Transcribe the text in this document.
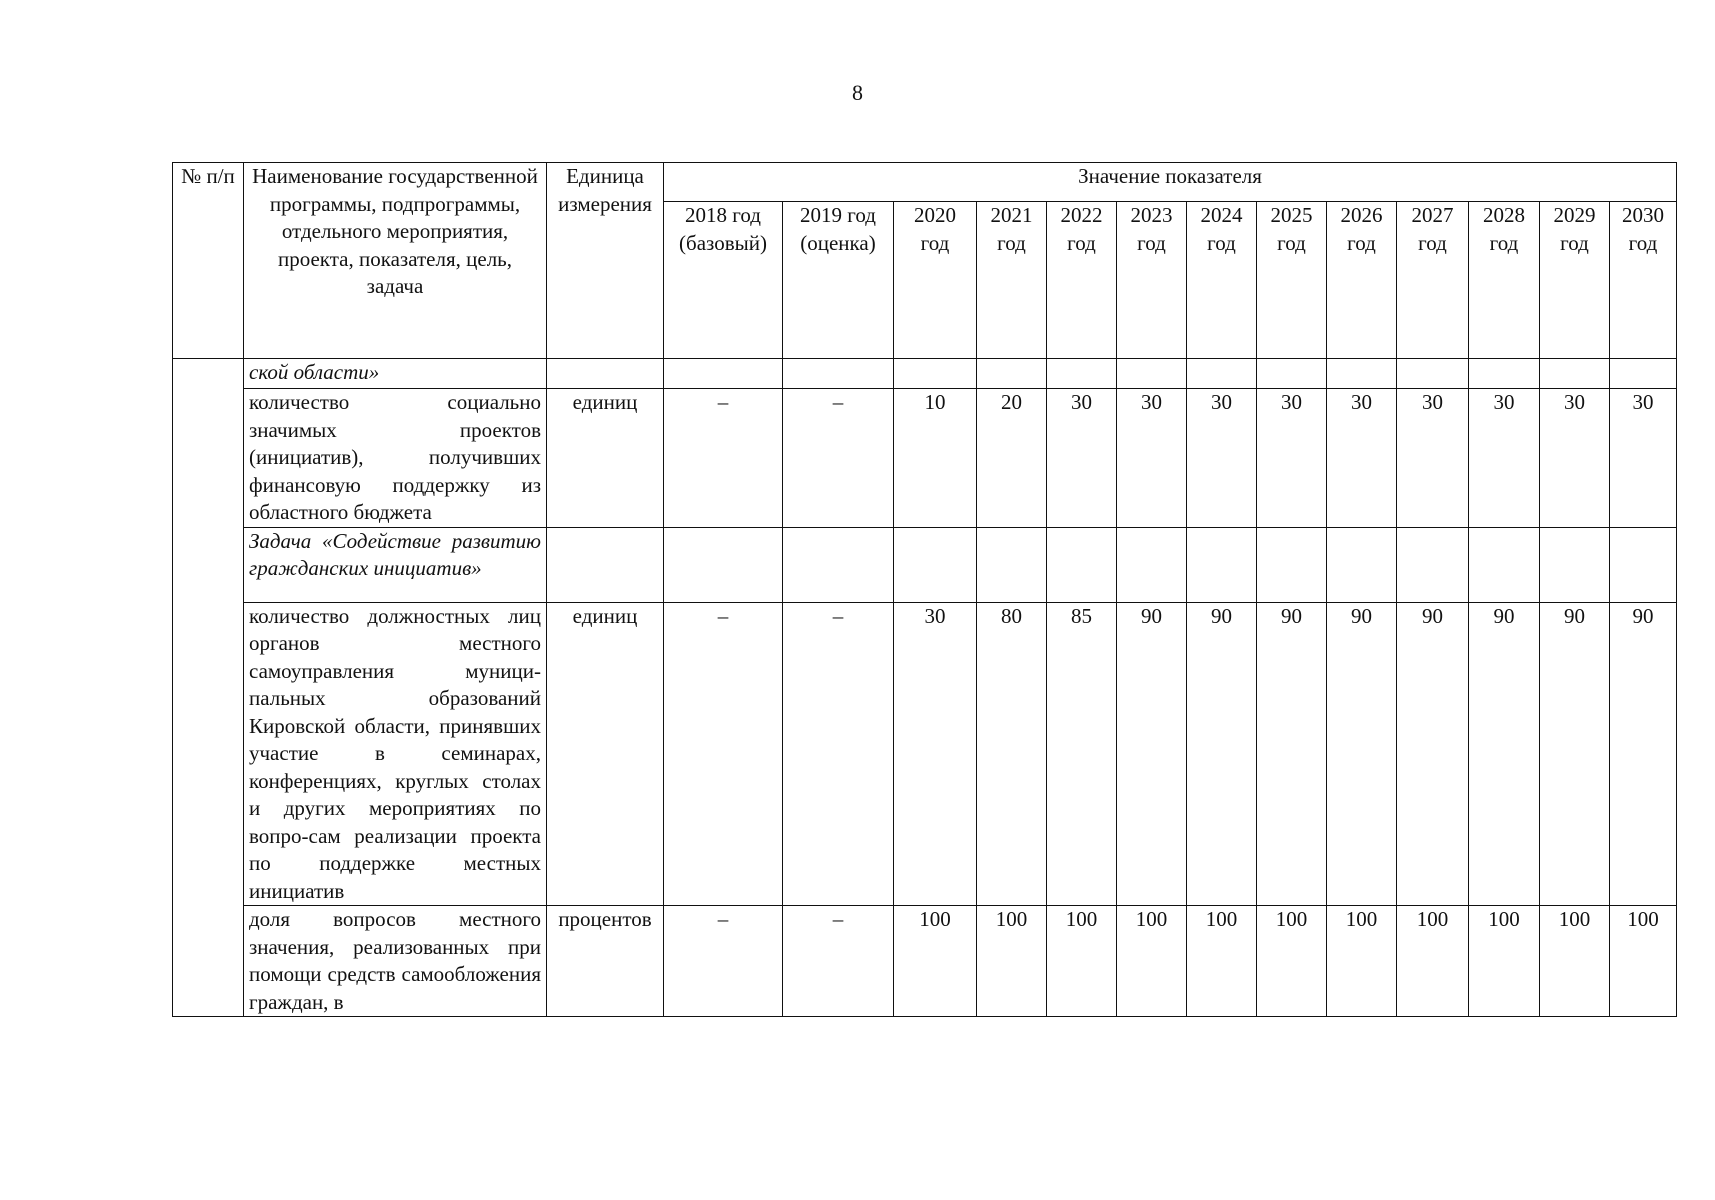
8
№ п/п	Наименование государственной программы, подпрограммы, отдельного мероприятия, проекта, показателя, цель, задача	Единица измерения	Значение показателя												
			2018 год (базовый)	2019 год (оценка)	2020 год	2021 год	2022 год	2023 год	2024 год	2025 год	2026 год	2027 год	2028 год	2029 год	2030 год
	ской области»														
	количество социально значимых проектов (инициатив), получивших финансовую поддержку из областного бюджета	единиц	–	–	10	20	30	30	30	30	30	30	30	30	30
	Задача «Содействие развитию гражданских инициатив»														
	количество должностных лиц органов местного самоуправления муници-пальных образований Кировской области, принявших участие в семинарах, конференциях, круглых столах и других мероприятиях по вопро-сам реализации проекта по поддержке местных инициатив	единиц	–	–	30	80	85	90	90	90	90	90	90	90	90
	доля вопросов местного значения, реализованных при помощи средств самообложения граждан, в	процентов	–	–	100	100	100	100	100	100	100	100	100	100	100
